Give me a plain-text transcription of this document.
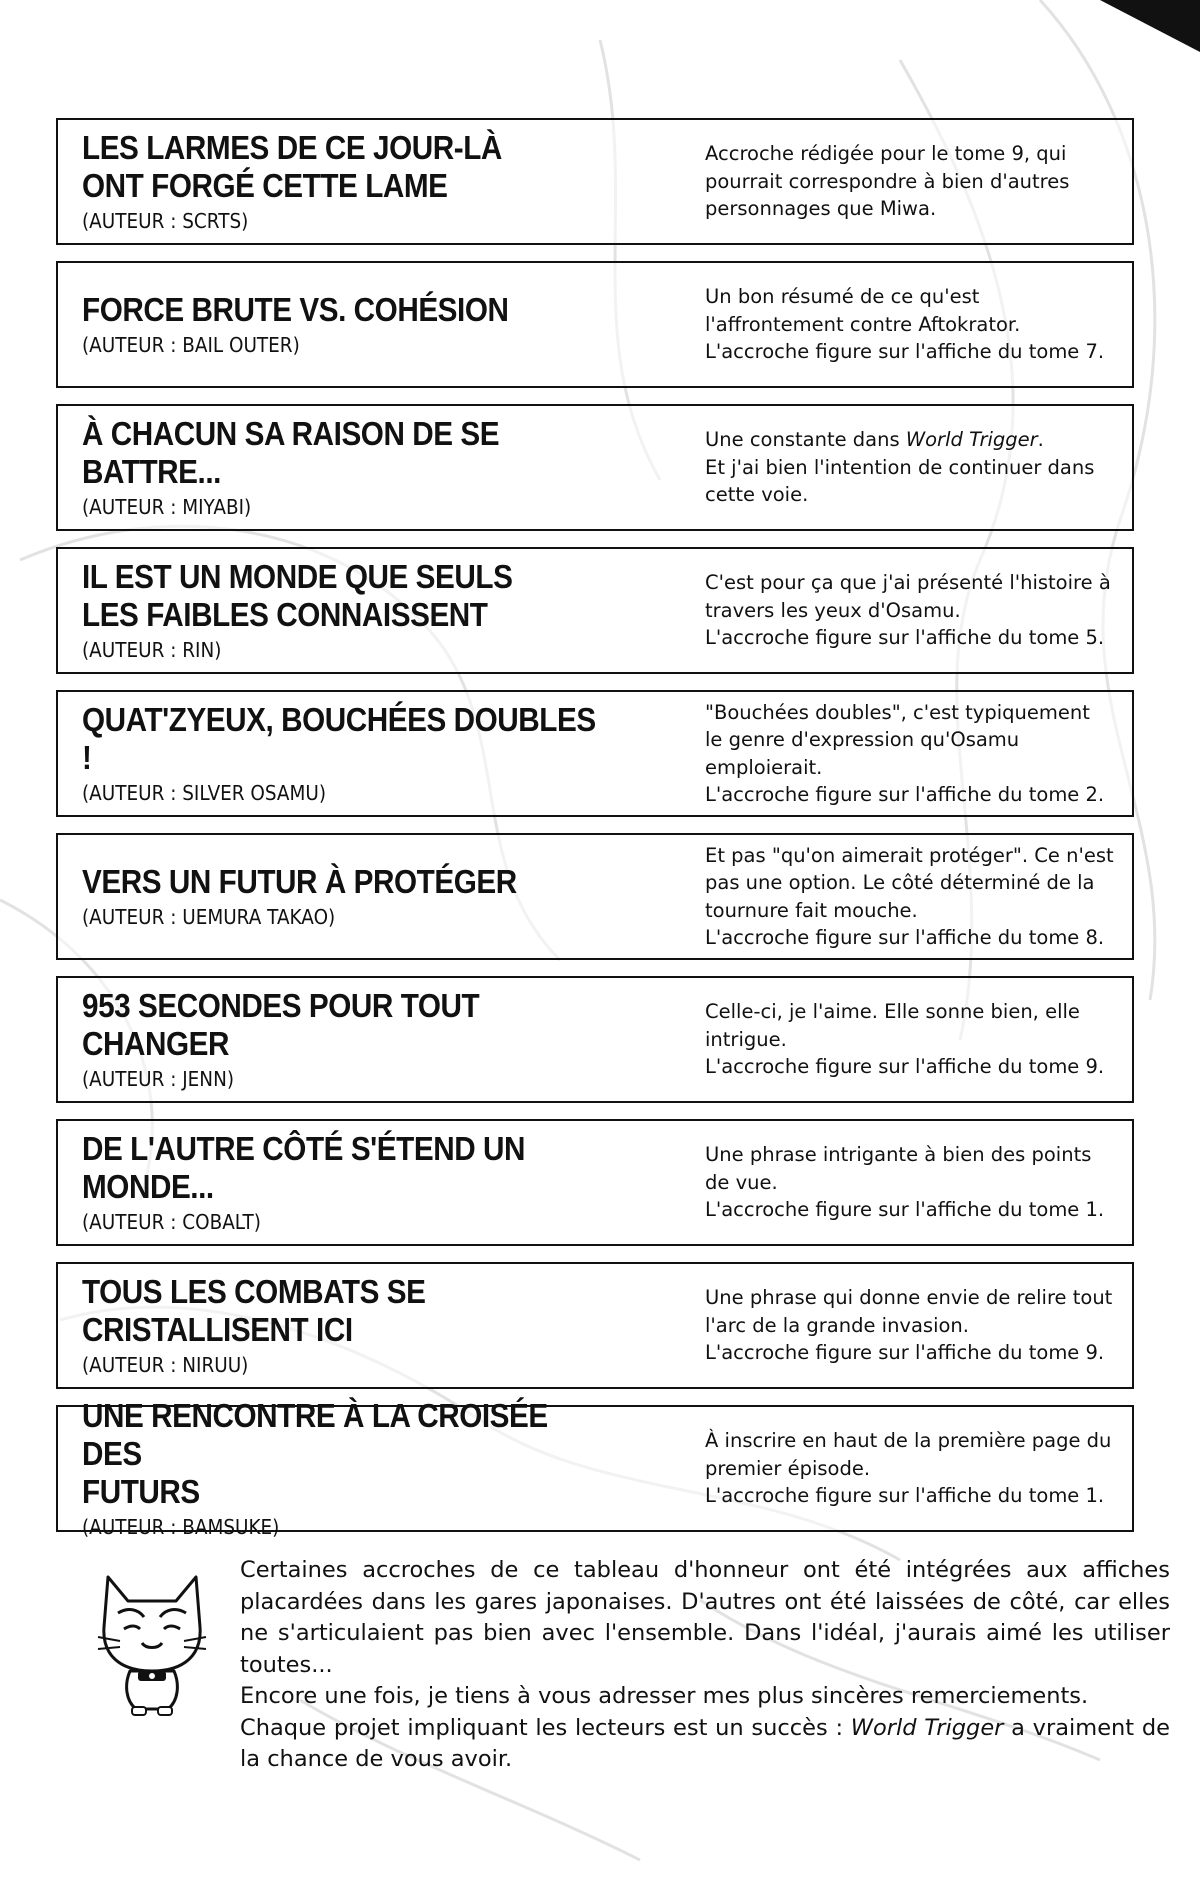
LES LARMES DE CE JOUR-LÀ
ONT FORGÉ CETTE LAME
(AUTEUR : SCRTS)
Accroche rédigée pour le tome 9, qui
pourrait correspondre à bien d'autres
personnages que Miwa.
FORCE BRUTE VS. COHÉSION
(AUTEUR : BAIL OUTER)
Un bon résumé de ce qu'est
l'affrontement contre Aftokrator.
L'accroche figure sur l'affiche du tome 7.
À CHACUN SA RAISON DE SE BATTRE...
(AUTEUR : MIYABI)
Une constante dans World Trigger.
Et j'ai bien l'intention de continuer dans
cette voie.
IL EST UN MONDE QUE SEULS
LES FAIBLES CONNAISSENT
(AUTEUR : RIN)
C'est pour ça que j'ai présenté l'histoire à
travers les yeux d'Osamu.
L'accroche figure sur l'affiche du tome 5.
QUAT'ZYEUX, BOUCHÉES DOUBLES !
(AUTEUR : SILVER OSAMU)
"Bouchées doubles", c'est typiquement
le genre d'expression qu'Osamu
emploierait.
L'accroche figure sur l'affiche du tome 2.
VERS UN FUTUR À PROTÉGER
(AUTEUR : UEMURA TAKAO)
Et pas "qu'on aimerait protéger". Ce n'est
pas une option. Le côté déterminé de la
tournure fait mouche.
L'accroche figure sur l'affiche du tome 8.
953 SECONDES POUR TOUT CHANGER
(AUTEUR : JENN)
Celle-ci, je l'aime. Elle sonne bien, elle
intrigue.
L'accroche figure sur l'affiche du tome 9.
DE L'AUTRE CÔTÉ S'ÉTEND UN MONDE...
(AUTEUR : COBALT)
Une phrase intrigante à bien des points
de vue.
L'accroche figure sur l'affiche du tome 1.
TOUS LES COMBATS SE
CRISTALLISENT ICI
(AUTEUR : NIRUU)
Une phrase qui donne envie de relire tout
l'arc de la grande invasion.
L'accroche figure sur l'affiche du tome 9.
UNE RENCONTRE À LA CROISÉE DES
FUTURS
(AUTEUR : BAMSUKE)
À inscrire en haut de la première page du
premier épisode.
L'accroche figure sur l'affiche du tome 1.

Certaines accroches de ce tableau d'honneur ont été intégrées aux affiches placardées dans les gares japonaises. D'autres ont été laissées de côté, car elles ne s'articulaient pas bien avec l'ensemble. Dans l'idéal, j'aurais aimé les utiliser toutes...

Encore une fois, je tiens à vous adresser mes plus sincères remerciements.

Chaque projet impliquant les lecteurs est un succès : World Trigger a vraiment de la chance de vous avoir.
